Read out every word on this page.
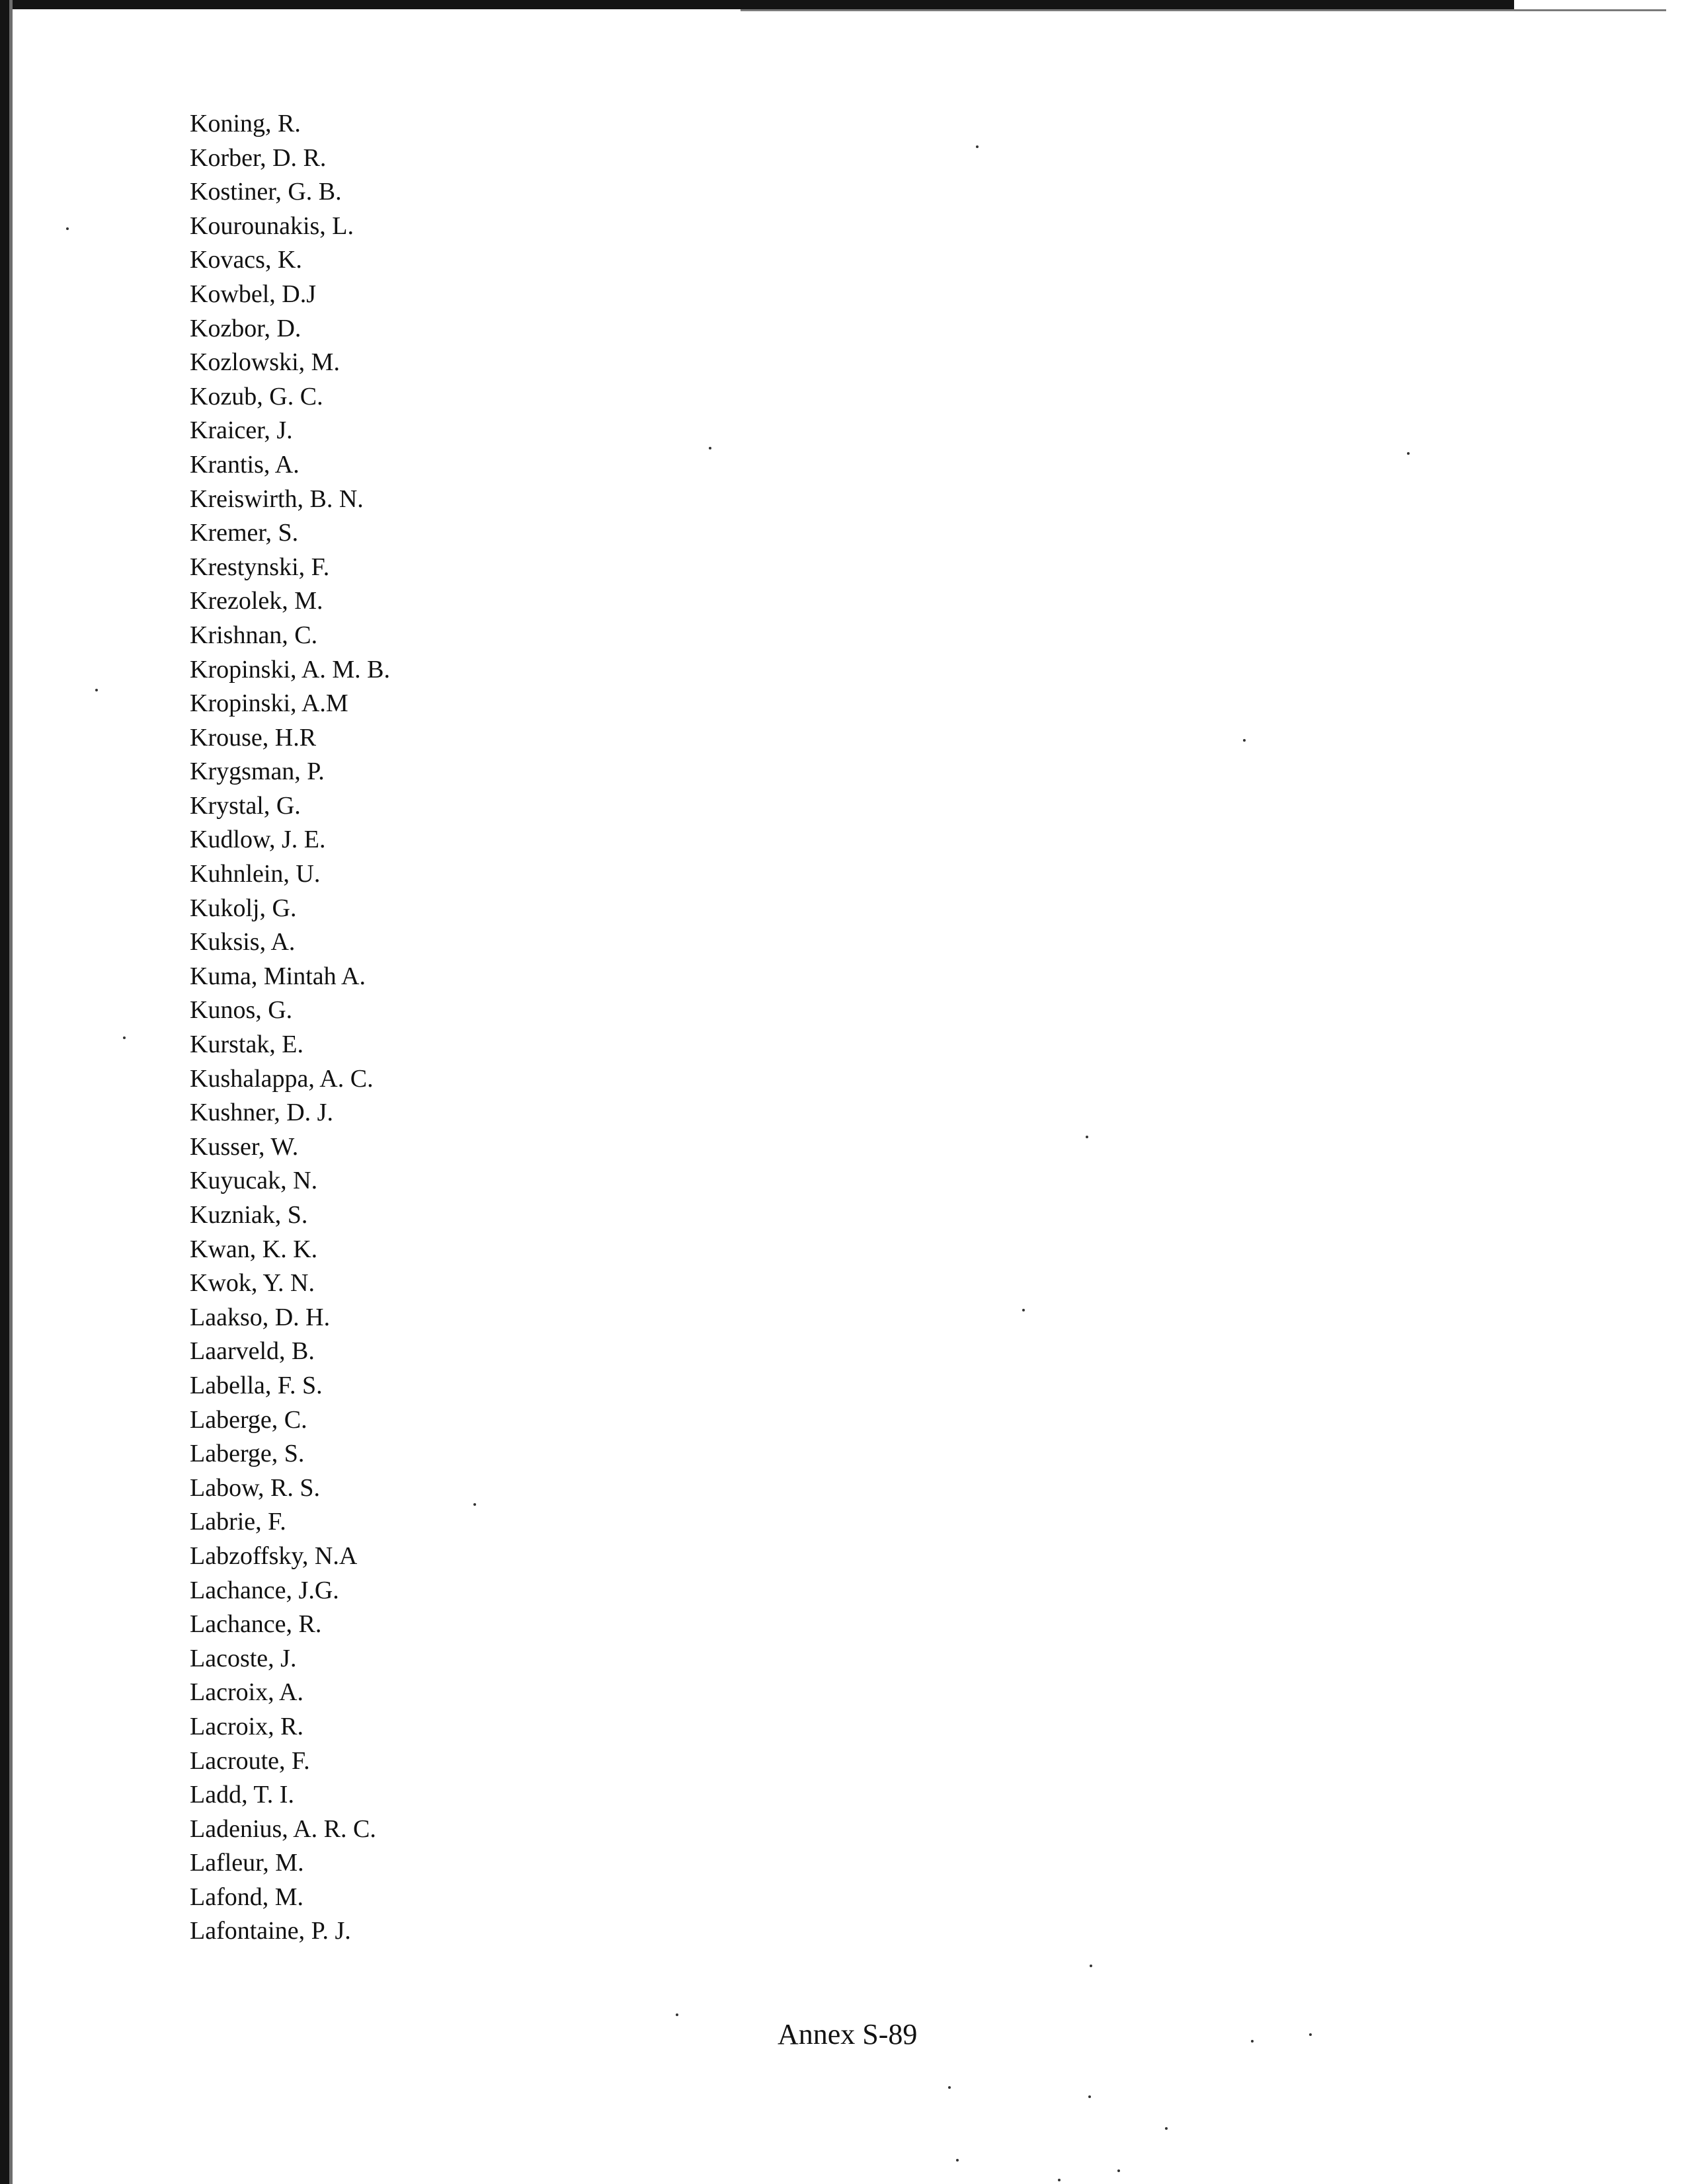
Koning, R.
Korber, D. R.
Kostiner, G. B.
Kourounakis, L.
Kovacs, K.
Kowbel, D.J
Kozbor, D.
Kozlowski, M.
Kozub, G. C.
Kraicer, J.
Krantis, A.
Kreiswirth, B. N.
Kremer, S.
Krestynski, F.
Krezolek, M.
Krishnan, C.
Kropinski, A. M. B.
Kropinski, A.M
Krouse, H.R
Krygsman, P.
Krystal, G.
Kudlow, J. E.
Kuhnlein, U.
Kukolj, G.
Kuksis, A.
Kuma, Mintah A.
Kunos, G.
Kurstak, E.
Kushalappa, A. C.
Kushner, D. J.
Kusser, W.
Kuyucak, N.
Kuzniak, S.
Kwan, K. K.
Kwok, Y. N.
Laakso, D. H.
Laarveld, B.
Labella, F. S.
Laberge, C.
Laberge, S.
Labow, R. S.
Labrie, F.
Labzoffsky, N.A
Lachance, J.G.
Lachance, R.
Lacoste, J.
Lacroix, A.
Lacroix, R.
Lacroute, F.
Ladd, T. I.
Ladenius, A. R. C.
Lafleur, M.
Lafond, M.
Lafontaine, P. J.
Annex S-89
